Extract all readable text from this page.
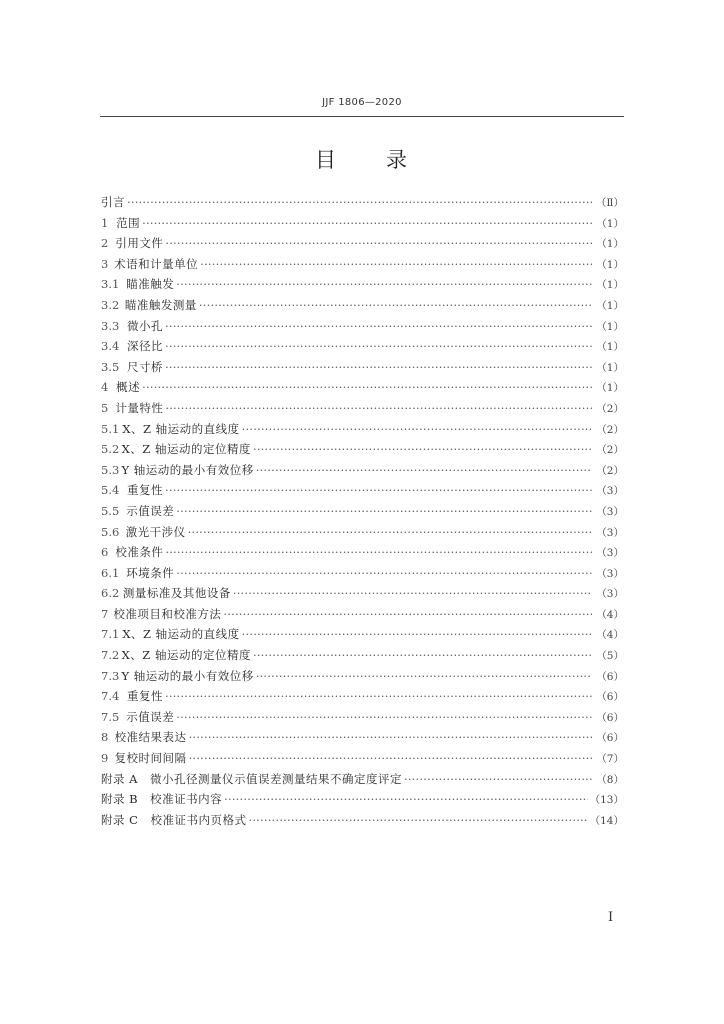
JJF 1806—2020
目 录
引言 ·····	（Ⅱ）
1 范围 ·····	（1）
2 引用文件 ·····	（1）
3 术语和计量单位 ·····	（1）
3.1 瞄准触发 ·····	（1）
3.2 瞄准触发测量 ·····	（1）
3.3 微小孔 ·····	（1）
3.4 深径比 ·····	（1）
3.5 尺寸桥 ·····	（1）
4 概述 ·····	（1）
5 计量特性 ·····	（2）
5.1 X、Z 轴运动的直线度 ·····	（2）
5.2 X、Z 轴运动的定位精度 ·····	（2）
5.3 Y 轴运动的最小有效位移 ·····	（2）
5.4 重复性 ·····	（3）
5.5 示值误差 ·····	（3）
5.6 激光干涉仪 ·····	（3）
6 校准条件 ·····	（3）
6.1 环境条件 ·····	（3）
6.2 测量标准及其他设备 ·····	（3）
7 校准项目和校准方法 ·····	（4）
7.1 X、Z 轴运动的直线度 ·····	（4）
7.2 X、Z 轴运动的定位精度 ·····	（5）
7.3 Y 轴运动的最小有效位移 ·····	（6）
7.4 重复性 ·····	（6）
7.5 示值误差 ·····	（6）
8 校准结果表达 ·····	（6）
9 复校时间间隔 ·····	（7）
附录 A　微小孔径测量仪示值误差测量结果不确定度评定 ·····	（8）
附录 B　校准证书内容 ·····	（13）
附录 C　校准证书内页格式 ·····	（14）
I
